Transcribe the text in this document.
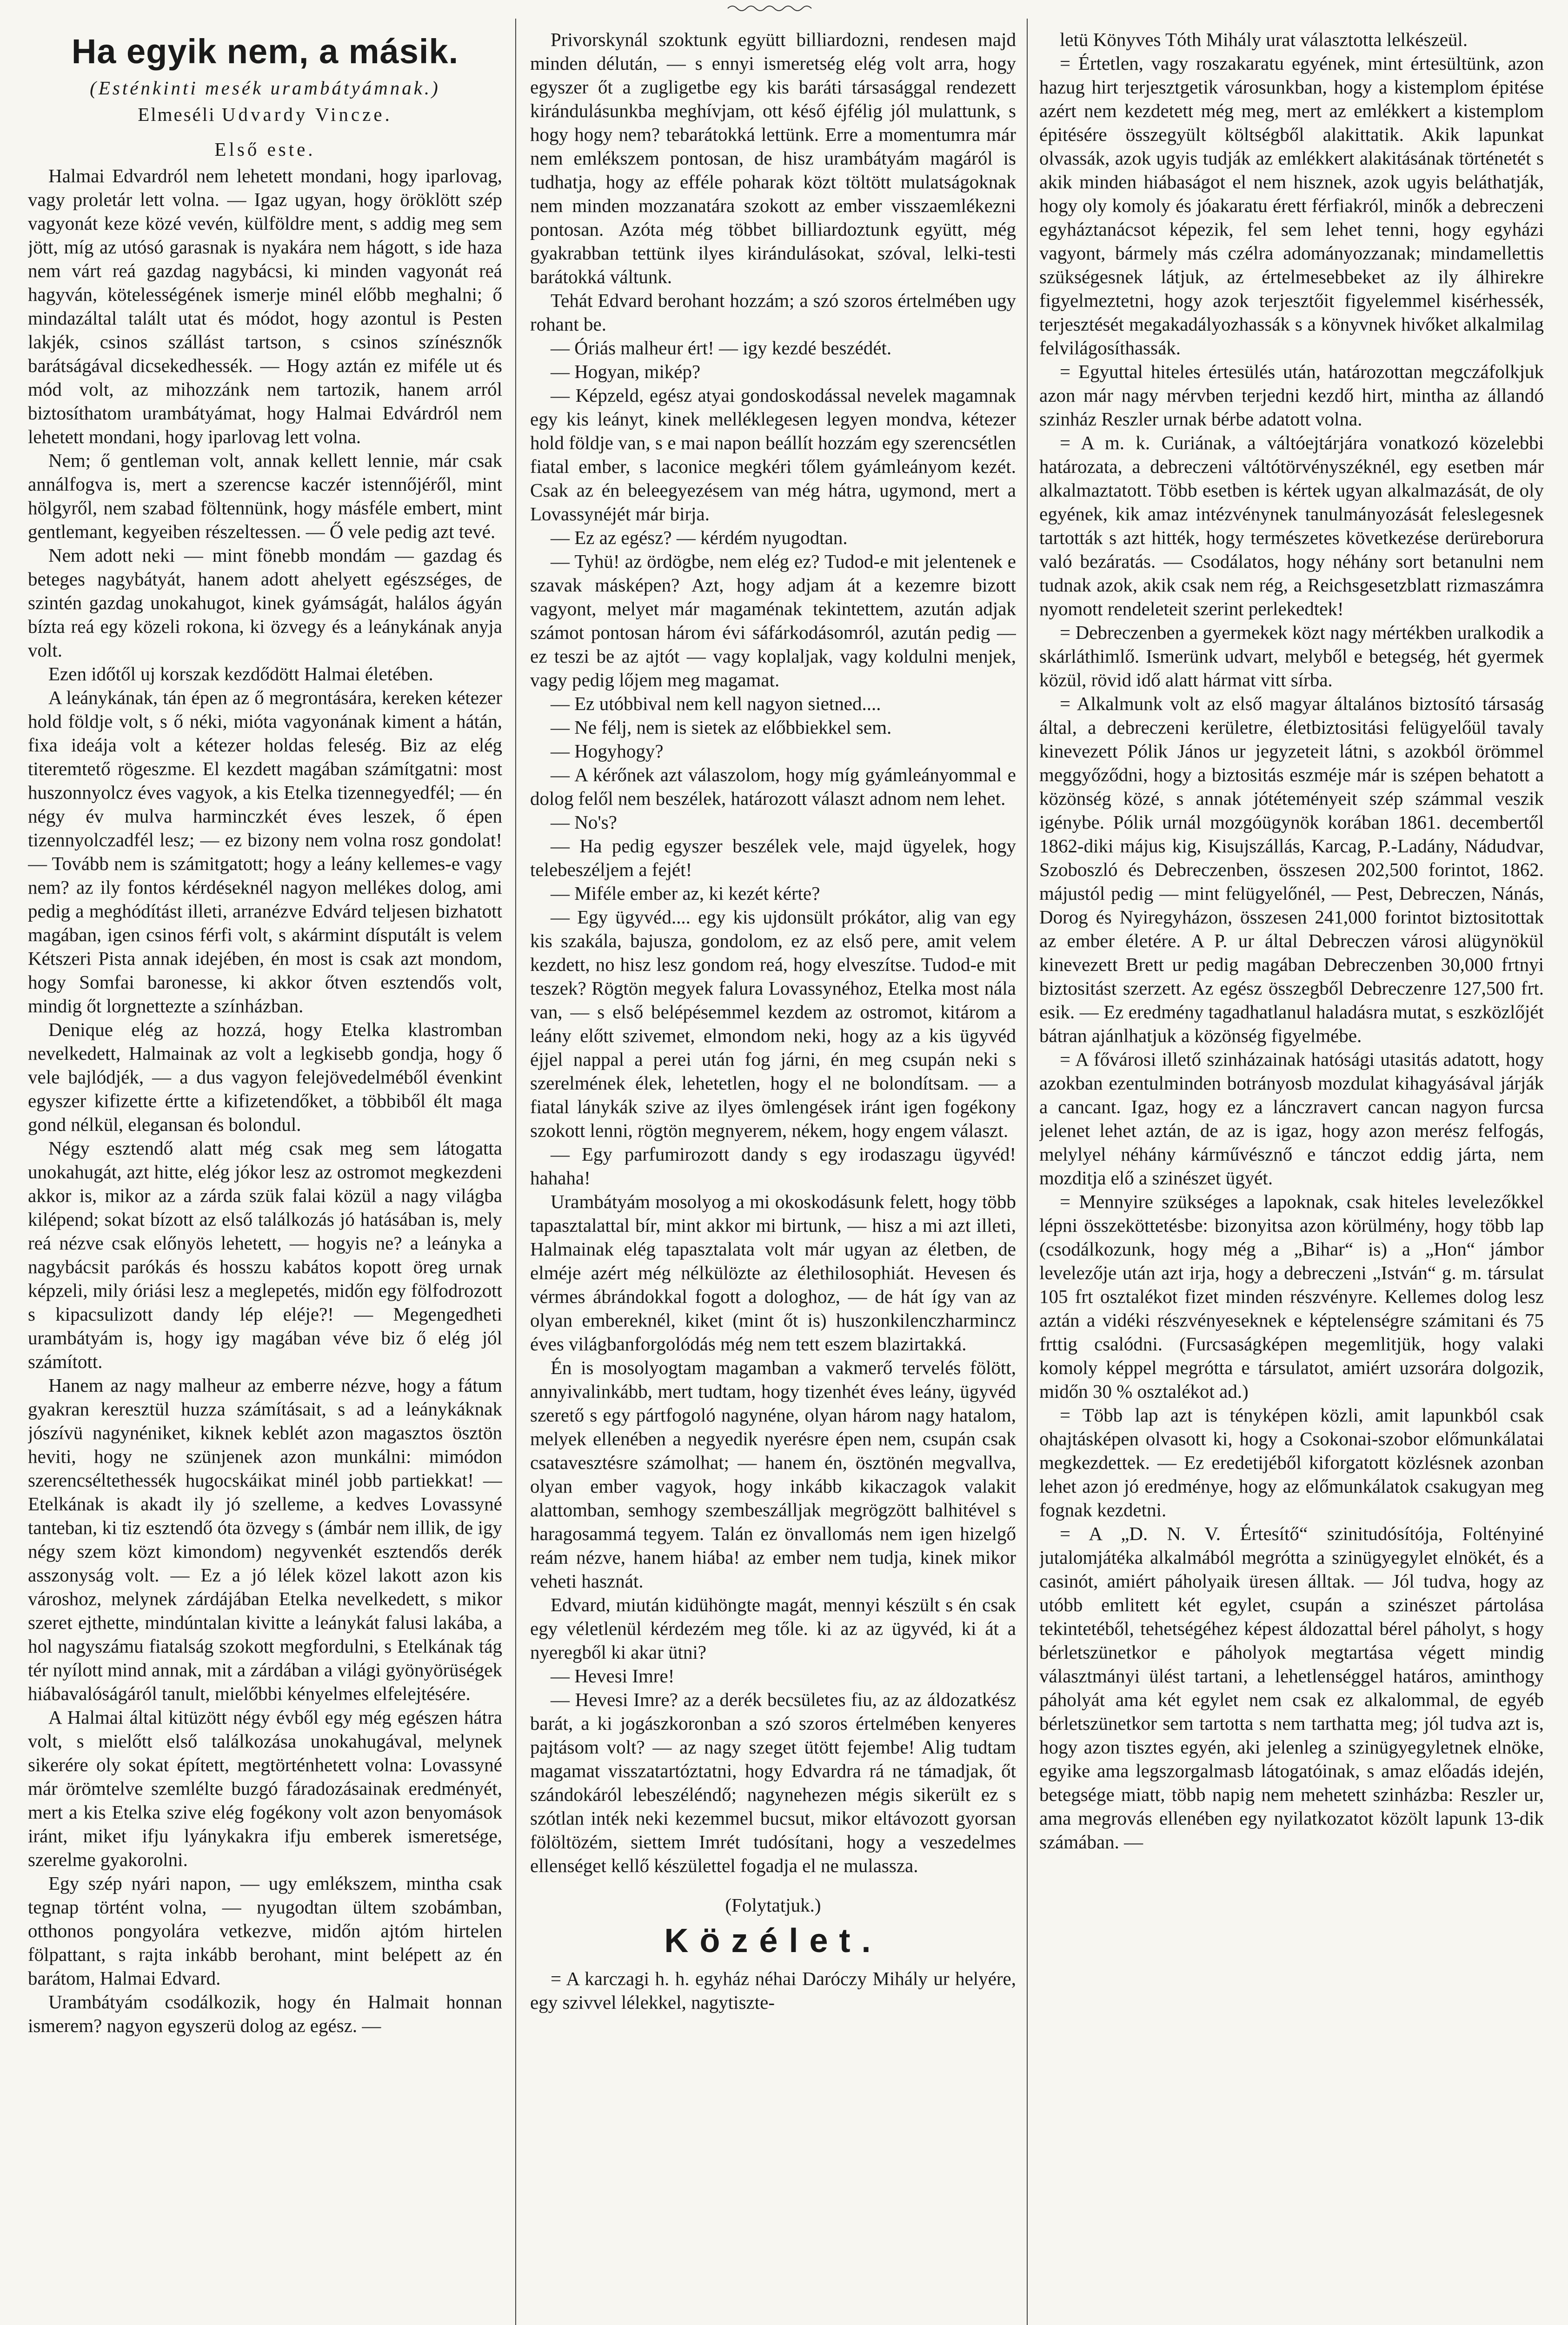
Ha egyik nem, a másik.
(Esténkinti mesék urambátyámnak.)
Elmeséli Udvardy Vincze.
Első este.

Halmai Edvardról nem lehetett mondani, hogy iparlovag, vagy proletár lett volna. — Igaz ugyan, hogy öröklött szép vagyonát keze közé vevén, külföldre ment, s addig meg sem jött, míg az utósó garasnak is nyakára nem hágott, s ide haza nem várt reá gazdag nagybácsi, ki minden vagyonát reá hagyván, kötelességének ismerje minél előbb meghalni; ő mindazáltal talált utat és módot, hogy azontul is Pesten lakjék, csinos szállást tartson, s csinos színésznők barátságával dicsekedhessék. — Hogy aztán ez miféle ut és mód volt, az mihozzánk nem tartozik, hanem arról biztosíthatom urambátyámat, hogy Halmai Edvárdról nem lehetett mondani, hogy iparlovag lett volna.

Nem; ő gentleman volt, annak kellett lennie, már csak annálfogva is, mert a szerencse kaczér istennőjéről, mint hölgyről, nem szabad föltennünk, hogy másféle embert, mint gentlemant, kegyeiben részeltessen. — Ő vele pedig azt tevé.

Nem adott neki — mint fönebb mondám — gazdag és beteges nagybátyát, hanem adott ahelyett egészséges, de szintén gazdag unokahugot, kinek gyámságát, halálos ágyán bízta reá egy közeli rokona, ki özvegy és a leánykának anyja volt.

Ezen időtől uj korszak kezdődött Halmai életében.

A leánykának, tán épen az ő megrontására, kereken kétezer hold földje volt, s ő néki, mióta vagyonának kiment a hátán, fixa ideája volt a kétezer holdas feleség. Biz az elég titeremtető rögeszme. El kezdett magában számítgatni: most huszonnyolcz éves vagyok, a kis Etelka tizennegyedfél; — én négy év mulva harminczkét éves leszek, ő épen tizennyolczadfél lesz; — ez bizony nem volna rosz gondolat! — Tovább nem is számitgatott; hogy a leány kellemes-e vagy nem? az ily fontos kérdéseknél nagyon mellékes dolog, ami pedig a meghódítást illeti, arranézve Edvárd teljesen bizhatott magában, igen csinos férfi volt, s akármint dísputált is velem Kétszeri Pista annak idejében, én most is csak azt mondom, hogy Somfai baronesse, ki akkor őtven esztendős volt, mindig őt lorgnettezte a színházban.

Denique elég az hozzá, hogy Etelka klastromban nevelkedett, Halmainak az volt a legkisebb gondja, hogy ő vele bajlódjék, — a dus vagyon felejövedelméből évenkint egyszer kifizette értte a kifizetendőket, a többiből élt maga gond nélkül, elegansan és bolondul.

Négy esztendő alatt még csak meg sem látogatta unokahugát, azt hitte, elég jókor lesz az ostromot megkezdeni akkor is, mikor az a zárda szük falai közül a nagy világba kilépend; sokat bízott az első találkozás jó hatásában is, mely reá nézve csak előnyös lehetett, — hogyis ne? a leányka a nagybácsit parókás és hosszu kabátos kopott öreg urnak képzeli, mily óriási lesz a meglepetés, midőn egy fölfodrozott s kipacsulizott dandy lép eléje?! — Megengedheti urambátyám is, hogy igy magában véve biz ő elég jól számított.

Hanem az nagy malheur az emberre nézve, hogy a fátum gyakran keresztül huzza számításait, s ad a leánykáknak jószívü nagynéniket, kiknek keblét azon magasztos ösztön heviti, hogy ne szünjenek azon munkálni: mimódon szerencséltethessék hugocskáikat minél jobb partiekkat! — Etelkának is akadt ily jó szelleme, a kedves Lovassyné tanteban, ki tiz esztendő óta özvegy s (ámbár nem illik, de igy négy szem közt kimondom) negyvenkét esztendős derék asszonyság volt. — Ez a jó lélek közel lakott azon kis városhoz, melynek zárdájában Etelka nevelkedett, s mikor szeret ejthette, mindúntalan kivitte a leánykát falusi lakába, a hol nagyszámu fiatalság szokott megfordulni, s Etelkának tág tér nyílott mind annak, mit a zárdában a világi gyönyörüségek hiábavalóságáról tanult, mielőbbi kényelmes elfelejtésére.

A Halmai által kitüzött négy évből egy még egészen hátra volt, s mielőtt első találkozása unokahugával, melynek sikerére oly sokat épített, megtörténhetett volna: Lovassyné már örömtelve szemlélte buzgó fáradozásainak eredményét, mert a kis Etelka szive elég fogékony volt azon benyomások iránt, miket ifju lyánykakra ifju emberek ismeretsége, szerelme gyakorolni.

Egy szép nyári napon, — ugy emlékszem, mintha csak tegnap történt volna, — nyugodtan ültem szobámban, otthonos pongyolára vetkezve, midőn ajtóm hirtelen fölpattant, s rajta inkább berohant, mint belépett az én barátom, Halmai Edvard.

Urambátyám csodálkozik, hogy én Halmait honnan ismerem? nagyon egyszerü dolog az egész. —

Privorskynál szoktunk együtt billiardozni, rendesen majd minden délután, — s ennyi ismeretség elég volt arra, hogy egyszer őt a zugligetbe egy kis baráti társasággal rendezett kirándulásunkba meghívjam, ott késő éjfélig jól mulattunk, s hogy hogy nem? tebarátokká lettünk. Erre a momentumra már nem emlékszem pontosan, de hisz urambátyám magáról is tudhatja, hogy az efféle poharak közt töltött mulatságoknak nem minden mozzanatára szokott az ember visszaemlékezni pontosan. Azóta még többet billiardoztunk együtt, még gyakrabban tettünk ilyes kirándulásokat, szóval, lelki-testi barátokká váltunk.

Tehát Edvard berohant hozzám; a szó szoros értelmében ugy rohant be.

— Óriás malheur ért! — igy kezdé beszédét.

— Hogyan, mikép?

— Képzeld, egész atyai gondoskodással nevelek magamnak egy kis leányt, kinek melléklegesen legyen mondva, kétezer hold földje van, s e mai napon beállít hozzám egy szerencsétlen fiatal ember, s laconice megkéri tőlem gyámleányom kezét. Csak az én beleegyezésem van még hátra, ugymond, mert a Lovassynéjét már birja.

— Ez az egész? — kérdém nyugodtan.

— Tyhü! az ördögbe, nem elég ez? Tudod-e mit jelentenek e szavak másképen? Azt, hogy adjam át a kezemre bizott vagyont, melyet már magaménak tekintettem, azután adjak számot pontosan három évi sáfárkodásomról, azután pedig — ez teszi be az ajtót — vagy koplaljak, vagy koldulni menjek, vagy pedig lőjem meg magamat.

— Ez utóbbival nem kell nagyon sietned....

— Ne félj, nem is sietek az előbbiekkel sem.

— Hogyhogy?

— A kérőnek azt válaszolom, hogy míg gyámleányommal e dolog felől nem beszélek, határozott választ adnom nem lehet.

— No's?

— Ha pedig egyszer beszélek vele, majd ügyelek, hogy telebeszéljem a fejét!

— Miféle ember az, ki kezét kérte?

— Egy ügyvéd.... egy kis ujdonsült prókátor, alig van egy kis szakála, bajusza, gondolom, ez az első pere, amit velem kezdett, no hisz lesz gondom reá, hogy elveszítse. Tudod-e mit teszek? Rögtön megyek falura Lovassynéhoz, Etelka most nála van, — s első belépésemmel kezdem az ostromot, kitárom a leány előtt szivemet, elmondom neki, hogy az a kis ügyvéd éjjel nappal a perei után fog járni, én meg csupán neki s szerelmének élek, lehetetlen, hogy el ne bolondítsam. — a fiatal lánykák szive az ilyes ömlengések iránt igen fogékony szokott lenni, rögtön megnyerem, nékem, hogy engem választ.

— Egy parfumirozott dandy s egy irodaszagu ügyvéd! hahaha!

Urambátyám mosolyog a mi okoskodásunk felett, hogy több tapasztalattal bír, mint akkor mi birtunk, — hisz a mi azt illeti, Halmainak elég tapasztalata volt már ugyan az életben, de elméje azért még nélkülözte az élethilosophiát. Hevesen és vérmes ábrándokkal fogott a dologhoz, — de hát így van az olyan embereknél, kiket (mint őt is) huszonkilenczharmincz éves világbanforgolódás még nem tett eszem blazirtakká.

Én is mosolyogtam magamban a vakmerő tervelés fölött, annyivalinkább, mert tudtam, hogy tizenhét éves leány, ügyvéd szerető s egy pártfogoló nagynéne, olyan három nagy hatalom, melyek ellenében a negyedik nyerésre épen nem, csupán csak csatavesztésre számolhat; — hanem én, ösztönén megvallva, olyan ember vagyok, hogy inkább kikaczagok valakit alattomban, semhogy szembeszálljak megrögzött balhitével s haragosammá tegyem. Talán ez önvallomás nem igen hizelgő reám nézve, hanem hiába! az ember nem tudja, kinek mikor veheti hasznát.

Edvard, miután kidühöngte magát, mennyi készült s én csak egy véletlenül kérdezém meg tőle. ki az az ügyvéd, ki át a nyeregből ki akar ütni?

— Hevesi Imre!

— Hevesi Imre? az a derék becsületes fiu, az az áldozatkész barát, a ki jogászkoronban a szó szoros értelmében kenyeres pajtásom volt? — az nagy szeget ütött fejembe! Alig tudtam magamat visszatartóztatni, hogy Edvardra rá ne támadjak, őt szándokáról lebeszéléndő; nagynehezen mégis sikerült ez s szótlan inték neki kezemmel bucsut, mikor eltávozott gyorsan fölöltözém, siettem Imrét tudósítani, hogy a veszedelmes ellenséget kellő készülettel fogadja el ne mulassza.

(Folytatjuk.)

Közélet.

= A karczagi h. h. egyház néhai Daróczy Mihály ur helyére, egy szivvel lélekkel, nagytiszte-

letü Könyves Tóth Mihály urat választotta lelkészeül.

= Értetlen, vagy roszakaratu egyének, mint értesültünk, azon hazug hirt terjesztgetik városunkban, hogy a kistemplom épitése azért nem kezdetett még meg, mert az emlékkert a kistemplom épitésére összegyült költségből alakittatik. Akik lapunkat olvassák, azok ugyis tudják az emlékkert alakitásának történetét s akik minden hiábaságot el nem hisznek, azok ugyis beláthatják, hogy oly komoly és jóakaratu érett férfiakról, minők a debreczeni egyháztanácsot képezik, fel sem lehet tenni, hogy egyházi vagyont, bármely más czélra adományozzanak; mindamellettis szükségesnek látjuk, az értelmesebbeket az ily álhirekre figyelmeztetni, hogy azok terjesztőit figyelemmel kisérhessék, terjesztését megakadályozhassák s a könyvnek hivőket alkalmilag felvilágosíthassák.

= Egyuttal hiteles értesülés után, határozottan megczáfolkjuk azon már nagy mérvben terjedni kezdő hirt, mintha az állandó szinház Reszler urnak bérbe adatott volna.

= A m. k. Curiának, a váltóejtárjára vonatkozó közelebbi határozata, a debreczeni váltótörvényszéknél, egy esetben már alkalmaztatott. Több esetben is kértek ugyan alkalmazását, de oly egyének, kik amaz intézvénynek tanulmányozását feleslegesnek tartották s azt hitték, hogy természetes következése derüreborura való bezáratás. — Csodálatos, hogy néhány sort betanulni nem tudnak azok, akik csak nem rég, a Reichsgesetzblatt rizmaszámra nyomott rendeleteit szerint perlekedtek!

= Debreczenben a gyermekek közt nagy mértékben uralkodik a skárláthimlő. Ismerünk udvart, melyből e betegség, hét gyermek közül, rövid idő alatt hármat vitt sírba.

= Alkalmunk volt az első magyar általános biztosító társaság által, a debreczeni kerületre, életbiztositási felügyelőül tavaly kinevezett Pólik János ur jegyzeteit látni, s azokból örömmel meggyőződni, hogy a biztositás eszméje már is szépen behatott a közönség közé, s annak jótéteményeit szép számmal veszik igénybe. Pólik urnál mozgóügynök korában 1861. decembertől 1862-diki május kig, Kisujszállás, Karcag, P.-Ladány, Nádudvar, Szoboszló és Debreczenben, összesen 202,500 forintot, 1862. májustól pedig — mint felügyelőnél, — Pest, Debreczen, Nánás, Dorog és Nyiregyházon, összesen 241,000 forintot biztositottak az ember életére. A P. ur által Debreczen városi alügynökül kinevezett Brett ur pedig magában Debreczenben 30,000 frtnyi biztositást szerzett. Az egész összegből Debreczenre 127,500 frt. esik. — Ez eredmény tagadhatlanul haladásra mutat, s eszközlőjét bátran ajánlhatjuk a közönség figyelmébe.

= A fővárosi illető szinházainak hatósági utasitás adatott, hogy azokban ezentulminden botrányosb mozdulat kihagyásával járják a cancant. Igaz, hogy ez a lánczravert cancan nagyon furcsa jelenet lehet aztán, de az is igaz, hogy azon merész felfogás, melylyel néhány kárművésznő e tánczot eddig járta, nem mozditja elő a szinészet ügyét.

= Mennyire szükséges a lapoknak, csak hiteles levelezőkkel lépni összeköttetésbe: bizonyitsa azon körülmény, hogy több lap (csodálkozunk, hogy még a „Bihar“ is) a „Hon“ jámbor levelezője után azt irja, hogy a debreczeni „István“ g. m. társulat 105 frt osztalékot fizet minden részvényre. Kellemes dolog lesz aztán a vidéki részvényeseknek e képtelenségre számitani és 75 frttig csalódni. (Furcsaságképen megemlitjük, hogy valaki komoly képpel megrótta e társulatot, amiért uzsorára dolgozik, midőn 30 % osztalékot ad.)

= Több lap azt is tényképen közli, amit lapunkból csak ohajtásképen olvasott ki, hogy a Csokonai-szobor előmunkálatai megkezdettek. — Ez eredetijéből kiforgatott közlésnek azonban lehet azon jó eredménye, hogy az előmunkálatok csakugyan meg fognak kezdetni.

= A „D. N. V. Értesítő“ szinitudósítója, Foltényiné jutalomjátéka alkalmából megrótta a szinügyegylet elnökét, és a casinót, amiért páholyaik üresen álltak. — Jól tudva, hogy az utóbb emlitett két egylet, csupán a szinészet pártolása tekintetéből, tehetségéhez képest áldozattal bérel páholyt, s hogy bérletszünetkor e páholyok megtartása végett mindig választmányi ülést tartani, a lehetlenséggel határos, aminthogy páholyát ama két egylet nem csak ez alkalommal, de egyéb bérletszünetkor sem tartotta s nem tarthatta meg; jól tudva azt is, hogy azon tisztes egyén, aki jelenleg a szinügyegyletnek elnöke, egyike ama legszorgalmasb látogatóinak, s amaz előadás idején, betegsége miatt, több napig nem mehetett szinházba: Reszler ur, ama megrovás ellenében egy nyilatkozatot közölt lapunk 13-dik számában. —
